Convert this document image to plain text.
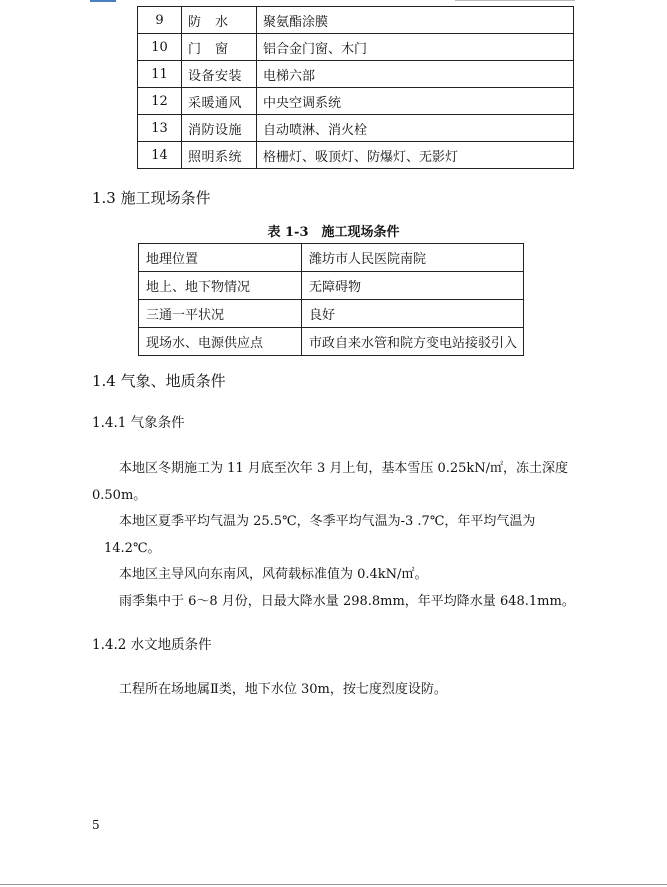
9	防　水	聚氨酯涂膜
10	门　窗	铝合金门窗、木门
11	设备安装	电梯六部
12	采暖通风	中央空调系统
13	消防设施	自动喷淋、消火栓
14	照明系统	格栅灯、吸顶灯、防爆灯、无影灯
1.3 施工现场条件
表 1-3　施工现场条件
地理位置	潍坊市人民医院南院
地上、地下物情况	无障碍物
三通一平状况	良好
现场水、电源供应点	市政自来水管和院方变电站接驳引入
1.4 气象、地质条件
1.4.1 气象条件
本地区冬期施工为 11 月底至次年 3 月上旬，基本雪压 0.25kN/㎡，冻土深度
0.50m。
本地区夏季平均气温为 25.5℃，冬季平均气温为-3 .7℃，年平均气温为
14.2℃。
本地区主导风向东南风，风荷载标准值为 0.4kN/㎡。
雨季集中于 6～8 月份，日最大降水量 298.8mm，年平均降水量 648.1mm。
1.4.2 水文地质条件
工程所在场地属Ⅱ类，地下水位 30m，按七度烈度设防。
5
